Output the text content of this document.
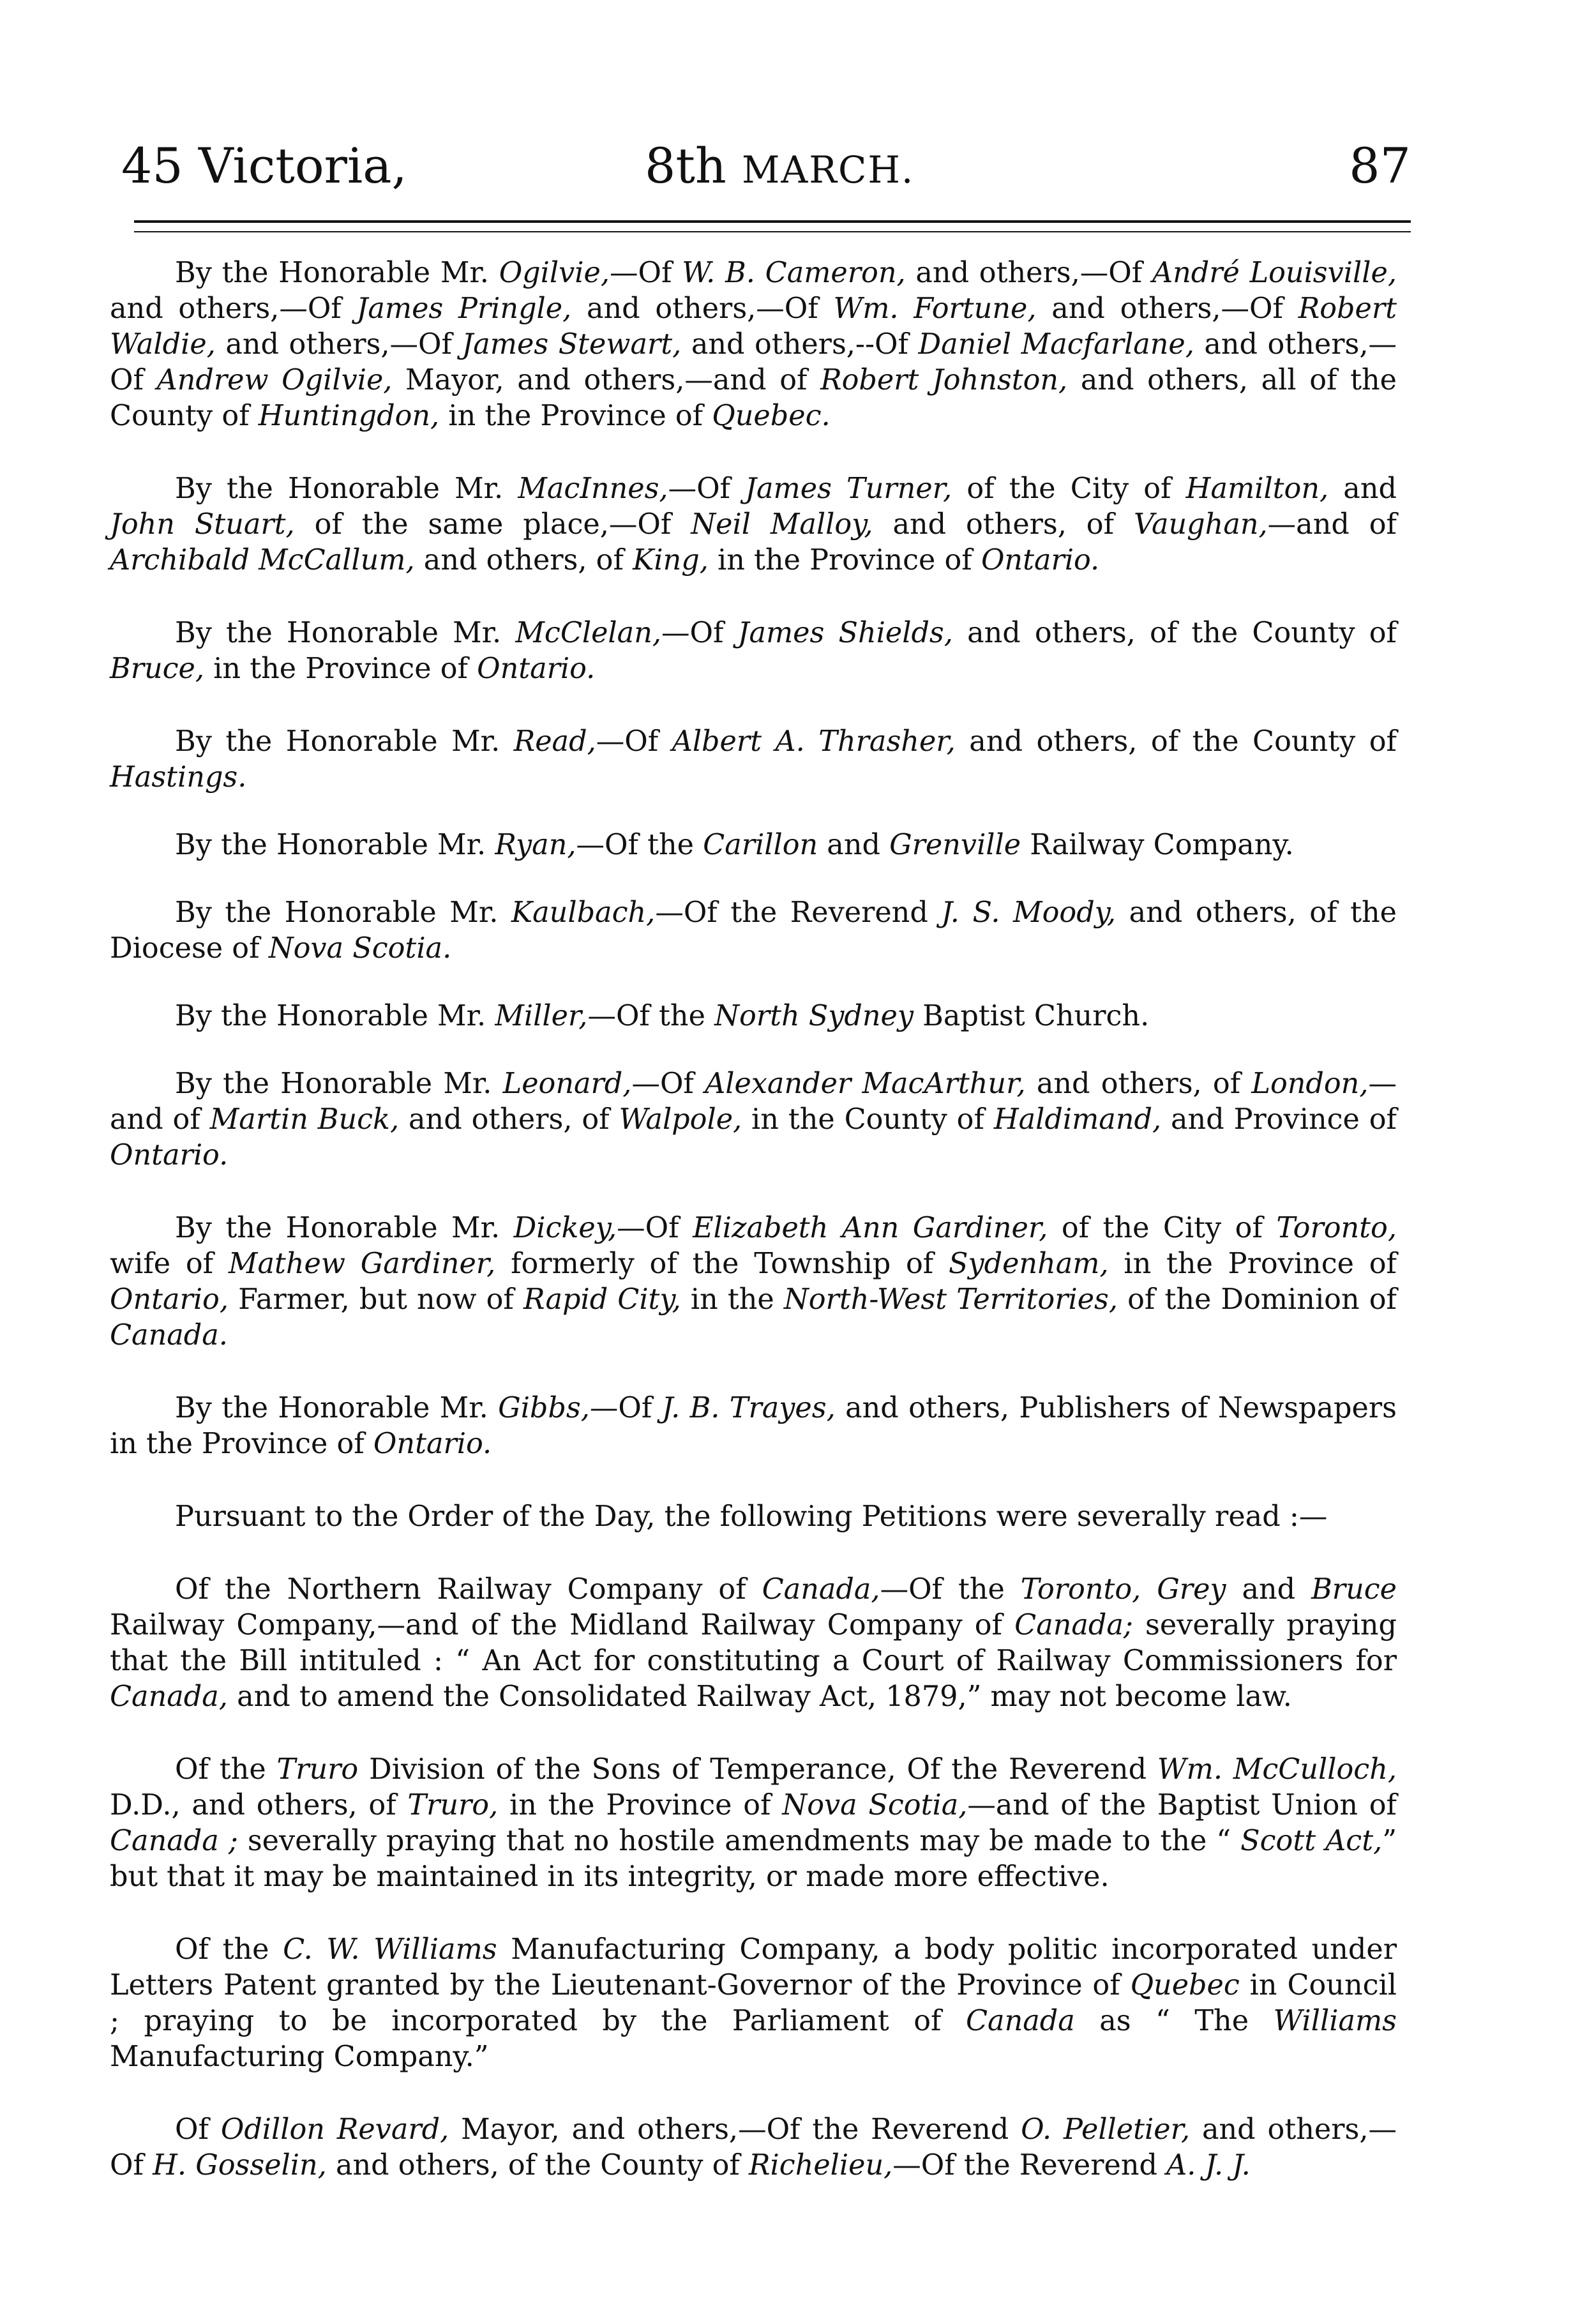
45 Victoria,	8th MARCH.	87

By the Honorable Mr. Ogilvie,—Of W. B. Cameron, and others,—Of André Louisville, and others,—Of James Pringle, and others,—Of Wm. Fortune, and others,—Of Robert Waldie, and others,—Of James Stewart, and others,--Of Daniel Macfarlane, and others,—Of Andrew Ogilvie, Mayor, and others,—and of Robert Johnston, and others, all of the County of Huntingdon, in the Province of Quebec.

By the Honorable Mr. MacInnes,—Of James Turner, of the City of Hamilton, and John Stuart, of the same place,—Of Neil Malloy, and others, of Vaughan,—and of Archibald McCallum, and others, of King, in the Province of Ontario.

By the Honorable Mr. McClelan,—Of James Shields, and others, of the County of Bruce, in the Province of Ontario.

By the Honorable Mr. Read,—Of Albert A. Thrasher, and others, of the County of Hastings.

By the Honorable Mr. Ryan,—Of the Carillon and Grenville Railway Company.

By the Honorable Mr. Kaulbach,—Of the Reverend J. S. Moody, and others, of the Diocese of Nova Scotia.

By the Honorable Mr. Miller,—Of the North Sydney Baptist Church.

By the Honorable Mr. Leonard,—Of Alexander MacArthur, and others, of London,—and of Martin Buck, and others, of Walpole, in the County of Haldimand, and Province of Ontario.

By the Honorable Mr. Dickey,—Of Elizabeth Ann Gardiner, of the City of Toronto, wife of Mathew Gardiner, formerly of the Township of Sydenham, in the Province of Ontario, Farmer, but now of Rapid City, in the North-West Territories, of the Dominion of Canada.

By the Honorable Mr. Gibbs,—Of J. B. Trayes, and others, Publishers of Newspapers in the Province of Ontario.

Pursuant to the Order of the Day, the following Petitions were severally read :—

Of the Northern Railway Company of Canada,—Of the Toronto, Grey and Bruce Railway Company,—and of the Midland Railway Company of Canada; severally praying that the Bill intituled : “ An Act for constituting a Court of Railway Commissioners for Canada, and to amend the Consolidated Railway Act, 1879,” may not become law.

Of the Truro Division of the Sons of Temperance, Of the Reverend Wm. McCulloch, D.D., and others, of Truro, in the Province of Nova Scotia,—and of the Baptist Union of Canada ; severally praying that no hostile amendments may be made to the “ Scott Act,” but that it may be maintained in its integrity, or made more effective.

Of the C. W. Williams Manufacturing Company, a body politic incorporated under Letters Patent granted by the Lieutenant-Governor of the Province of Quebec in Council ; praying to be incorporated by the Parliament of Canada as “ The Williams Manufacturing Company.”

Of Odillon Revard, Mayor, and others,—Of the Reverend O. Pelletier, and others,—Of H. Gosselin, and others, of the County of Richelieu,—Of the Reverend A. J. J.
